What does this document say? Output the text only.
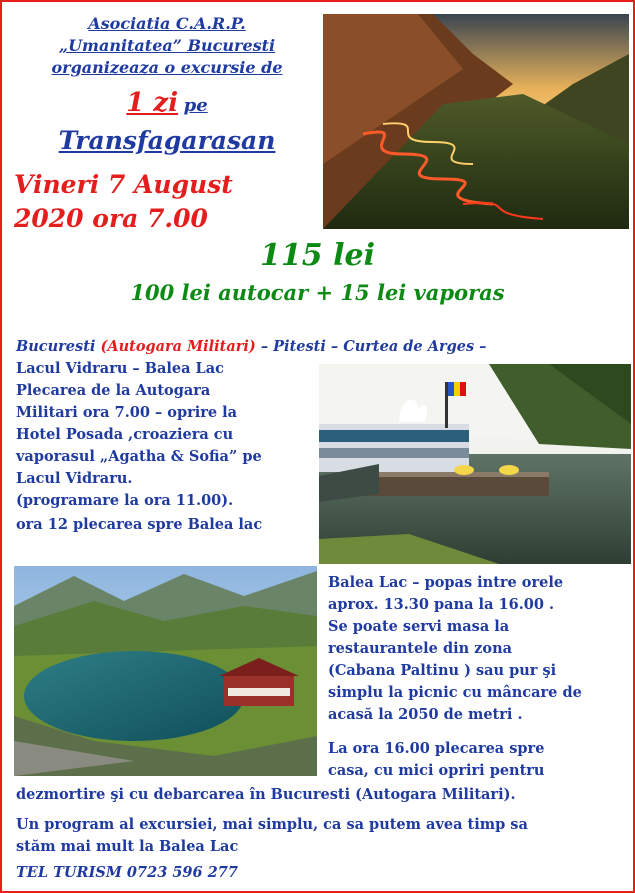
Asociatia C.A.R.P.
„Umanitatea” Bucuresti
organizeaza o excursie de
1 zi pe
Transfagarasan
Vineri 7 August
2020 ora 7.00
115 lei
100 lei autocar + 15 lei vaporas
Bucuresti (Autogara Militari) – Pitesti – Curtea de Arges –
Lacul Vidraru – Balea Lac
Plecarea de la Autogara
Militari ora 7.00 – oprire la
Hotel Posada ,croaziera cu
vaporasul „Agatha & Sofia” pe
Lacul Vidraru.
(programare la ora 11.00).
ora 12 plecarea spre Balea lac
Balea Lac – popas intre orele
aprox. 13.30 pana la 16.00 .
Se poate servi masa la
restaurantele din zona
(Cabana Paltinu ) sau pur şi
simplu la picnic cu mâncare de
acasă la 2050 de metri .
La ora 16.00 plecarea spre
casa, cu mici opriri pentru
dezmortire şi cu debarcarea în Bucuresti (Autogara Militari).
Un program al excursiei, mai simplu, ca sa putem avea timp sa
stăm mai mult la Balea Lac
TEL TURISM 0723 596 277
